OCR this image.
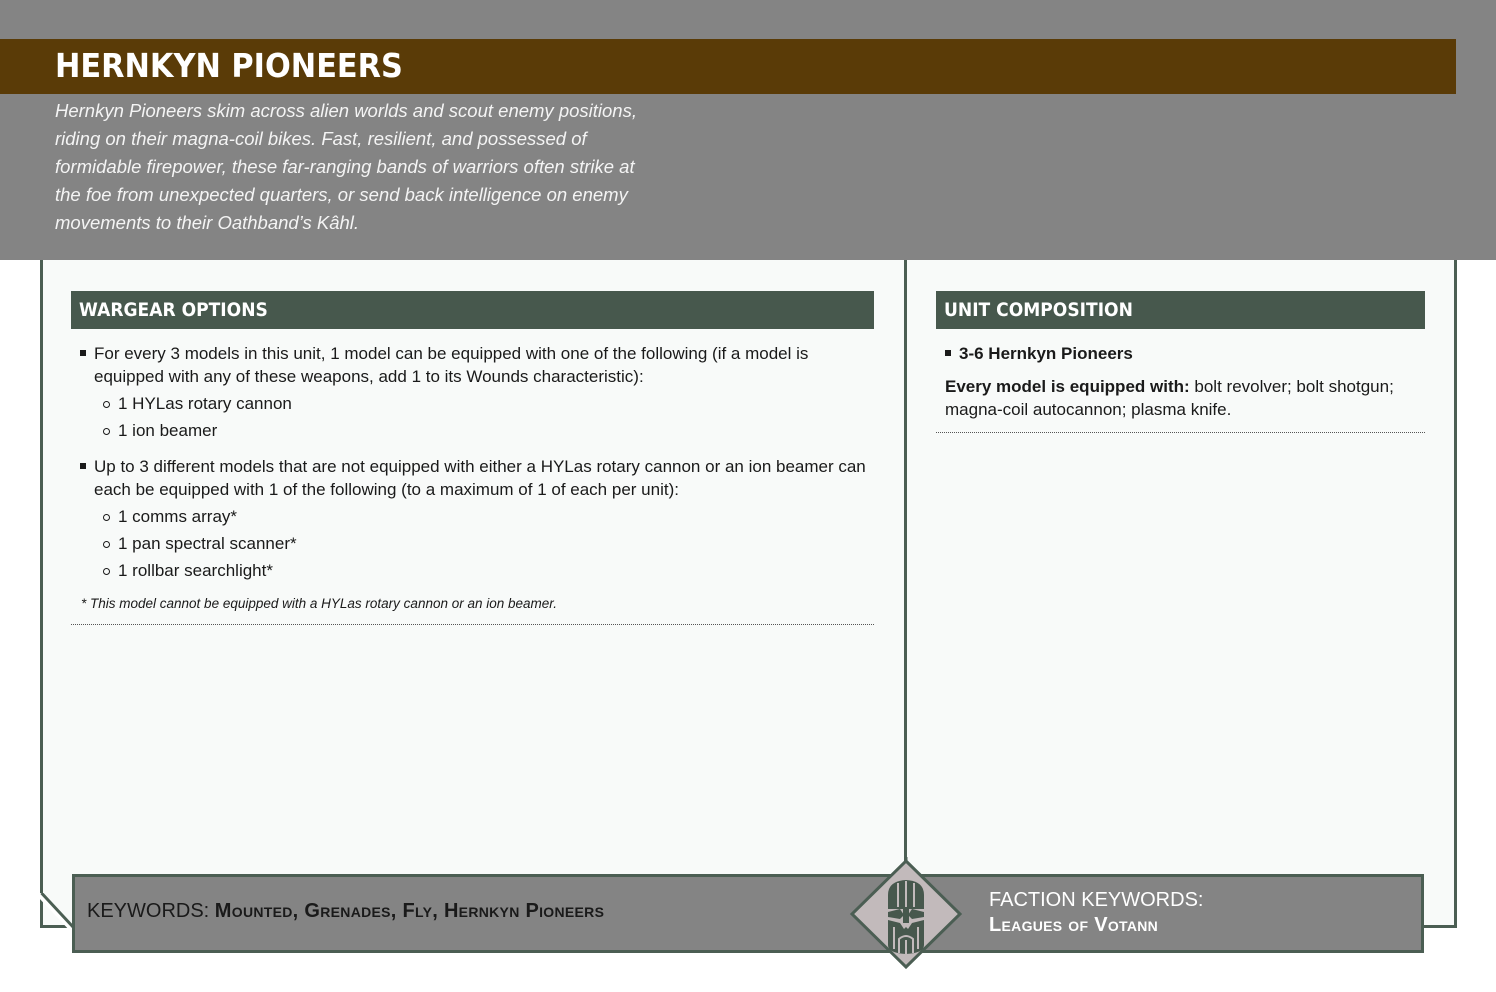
HERNKYN PIONEERS
Hernkyn Pioneers skim across alien worlds and scout enemy positions, riding on their magna-coil bikes. Fast, resilient, and possessed of formidable firepower, these far-ranging bands of warriors often strike at the foe from unexpected quarters, or send back intelligence on enemy movements to their Oathband’s Kâhl.
WARGEAR OPTIONS
For every 3 models in this unit, 1 model can be equipped with one of the following (if a model is equipped with any of these weapons, add 1 to its Wounds characteristic):
1 HYLas rotary cannon
1 ion beamer
Up to 3 different models that are not equipped with either a HYLas rotary cannon or an ion beamer can each be equipped with 1 of the following (to a maximum of 1 of each per unit):
1 comms array*
1 pan spectral scanner*
1 rollbar searchlight*
* This model cannot be equipped with a HYLas rotary cannon or an ion beamer.
UNIT COMPOSITION
3-6 Hernkyn Pioneers
Every model is equipped with: bolt revolver; bolt shotgun; magna-coil autocannon; plasma knife.
KEYWORDS: Mounted, Grenades, Fly, Hernkyn Pioneers	FACTION KEYWORDS:
Leagues of Votann
